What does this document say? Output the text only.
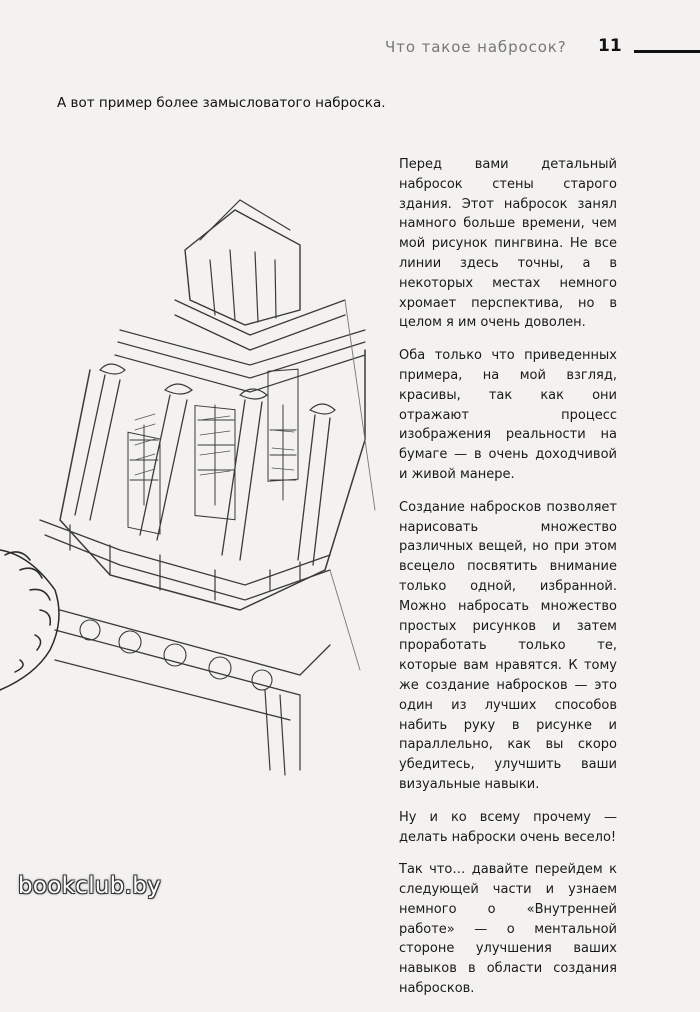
Что такое набросок? 11
А вот пример более замысловатого наброска.

Перед вами детальный набросок стены старого здания. Этот набросок занял намного больше времени, чем мой рисунок пингвина. Не все линии здесь точны, а в некоторых местах немного хромает перспектива, но в целом я им очень доволен.

Оба только что приведенных примера, на мой взгляд, красивы, так как они отражают процесс изображения реальности на бумаге — в очень доходчивой и живой манере.

Создание набросков позволяет нарисовать множество различных вещей, но при этом всецело посвятить внимание только одной, избранной. Можно набросать множество простых рисунков и затем проработать только те, которые вам нравятся. К тому же создание набросков — это один из лучших способов набить руку в рисунке и параллельно, как вы скоро убедитесь, улучшить ваши визуальные навыки.

Ну и ко всему прочему — делать наброски очень весело!

Так что… давайте перейдем к следующей части и узнаем немного о «Внутренней работе» — о ментальной стороне улучшения ваших навыков в области создания набросков.

bookclub.by
